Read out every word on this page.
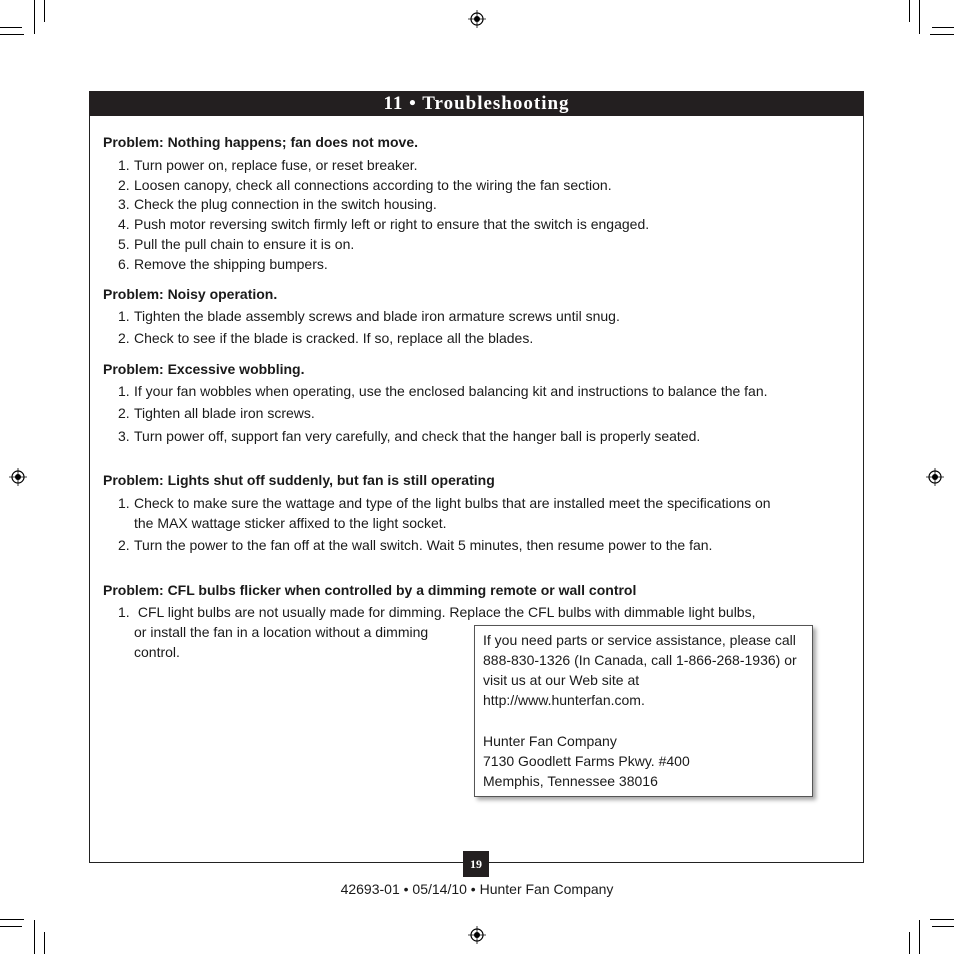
11 • Troubleshooting
Problem: Nothing happens; fan does not move.
1. Turn power on, replace fuse, or reset breaker.
2. Loosen canopy, check all connections according to the wiring the fan section.
3. Check the plug connection in the switch housing.
4. Push motor reversing switch firmly left or right to ensure that the switch is engaged.
5. Pull the pull chain to ensure it is on.
6. Remove the shipping bumpers.
Problem: Noisy operation.
1. Tighten the blade assembly screws and blade iron armature screws until snug.
2. Check to see if the blade is cracked. If so, replace all the blades.
Problem: Excessive wobbling.
1. If your fan wobbles when operating, use the enclosed balancing kit and instructions to balance the fan.
2. Tighten all blade iron screws.
3. Turn power off, support fan very carefully, and check that the hanger ball is properly seated.
Problem: Lights shut off suddenly, but fan is still operating
1. Check to make sure the wattage and type of the light bulbs that are installed meet the specifications on
the MAX wattage sticker affixed to the light socket.
2. Turn the power to the fan off at the wall switch. Wait 5 minutes, then resume power to the fan.
Problem: CFL bulbs flicker when controlled by a dimming remote or wall control
1. CFL light bulbs are not usually made for dimming. Replace the CFL bulbs with dimmable light bulbs,
or install the fan in a location without a dimming
control.
If you need parts or service assistance, please call
888-830-1326 (In Canada, call 1-866-268-1936) or
visit us at our Web site at
http://www.hunterfan.com.
Hunter Fan Company
7130 Goodlett Farms Pkwy. #400
Memphis, Tennessee 38016
19
42693-01 • 05/14/10 • Hunter Fan Company
